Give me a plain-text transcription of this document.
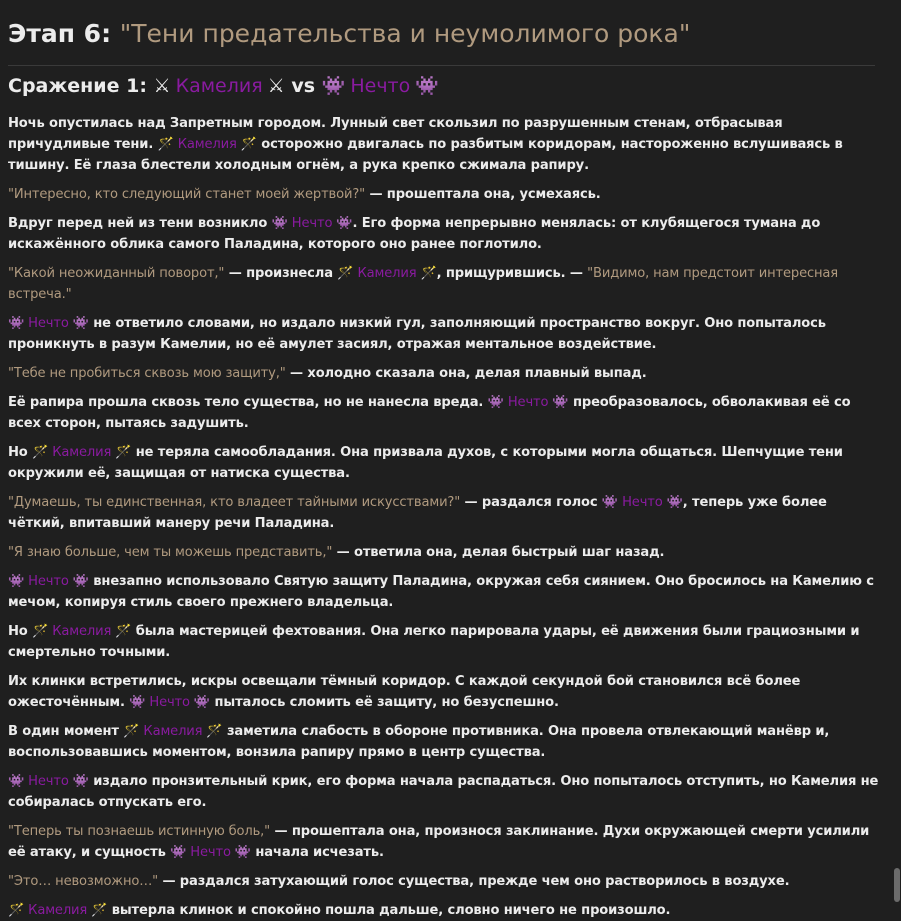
Этап 6: "Тени предательства и неумолимого рока"
Сражение 1: ⚔ Камелия ⚔ vs 👾 Нечто 👾

Ночь опустилась над Запретным городом. Лунный свет скользил по разрушенным стенам, отбрасывая причудливые тени. 🪄 Камелия 🪄 осторожно двигалась по разбитым коридорам, настороженно вслушиваясь в тишину. Её глаза блестели холодным огнём, а рука крепко сжимала рапиру.

"Интересно, кто следующий станет моей жертвой?" — прошептала она, усмехаясь.

Вдруг перед ней из тени возникло 👾 Нечто 👾. Его форма непрерывно менялась: от клубящегося тумана до искажённого облика самого Паладина, которого оно ранее поглотило.

"Какой неожиданный поворот," — произнесла 🪄 Камелия 🪄, прищурившись. — "Видимо, нам предстоит интересная встреча."

👾 Нечто 👾 не ответило словами, но издало низкий гул, заполняющий пространство вокруг. Оно попыталось проникнуть в разум Камелии, но её амулет засиял, отражая ментальное воздействие.

"Тебе не пробиться сквозь мою защиту," — холодно сказала она, делая плавный выпад.

Её рапира прошла сквозь тело существа, но не нанесла вреда. 👾 Нечто 👾 преобразовалось, обволакивая её со всех сторон, пытаясь задушить.

Но 🪄 Камелия 🪄 не теряла самообладания. Она призвала духов, с которыми могла общаться. Шепчущие тени окружили её, защищая от натиска существа.

"Думаешь, ты единственная, кто владеет тайными искусствами?" — раздался голос 👾 Нечто 👾, теперь уже более чёткий, впитавший манеру речи Паладина.

"Я знаю больше, чем ты можешь представить," — ответила она, делая быстрый шаг назад.

👾 Нечто 👾 внезапно использовало Святую защиту Паладина, окружая себя сиянием. Оно бросилось на Камелию с мечом, копируя стиль своего прежнего владельца.

Но 🪄 Камелия 🪄 была мастерицей фехтования. Она легко парировала удары, её движения были грациозными и смертельно точными.

Их клинки встретились, искры освещали тёмный коридор. С каждой секундой бой становился всё более ожесточённым. 👾 Нечто 👾 пыталось сломить её защиту, но безуспешно.

В один момент 🪄 Камелия 🪄 заметила слабость в обороне противника. Она провела отвлекающий манёвр и, воспользовавшись моментом, вонзила рапиру прямо в центр существа.

👾 Нечто 👾 издало пронзительный крик, его форма начала распадаться. Оно попыталось отступить, но Камелия не собиралась отпускать его.

"Теперь ты познаешь истинную боль," — прошептала она, произнося заклинание. Духи окружающей смерти усилили её атаку, и сущность 👾 Нечто 👾 начала исчезать.

"Это… невозможно…" — раздался затухающий голос существа, прежде чем оно растворилось в воздухе.

🪄 Камелия 🪄 вытерла клинок и спокойно пошла дальше, словно ничего не произошло.
